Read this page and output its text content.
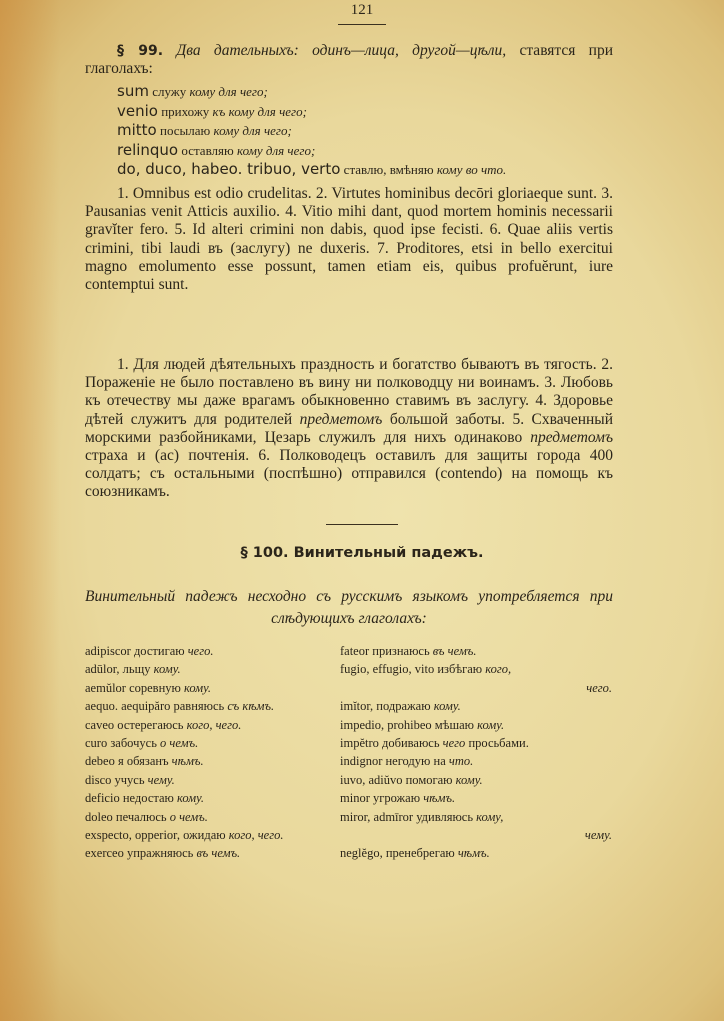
121
§ 99. Два дательныхъ: одинъ—лица, другой—цѣли, ставятся при глаголахъ:
sum служу кому для чего;
venio прихожу къ кому для чего;
mitto посылаю кому для чего;
relinquo оставляю кому для чего;
do, duco, habeo. tribuo, verto ставлю, вмѣняю кому во что.
1. Omnibus est odio crudelitas. 2. Virtutes hominibus decōri gloriaeque sunt. 3. Pausanias venit Atticis auxilio. 4. Vitio mihi dant, quod mortem hominis necessarii gravĭter fero. 5. Id alteri crimini non dabis, quod ipse fecisti. 6. Quae aliis vertis crimini, tibi laudi въ (заслугу) ne duxeris. 7. Proditores, etsi in bello exercitui magno emolumento esse possunt, tamen etiam eis, quibus profuĕrunt, iure contemptui sunt.
1. Для людей дѣятельныхъ праздность и богатство бываютъ въ тягость. 2. Пораженіе не было поставлено въ вину ни полководцу ни воинамъ. 3. Любовь къ отечеству мы даже врагамъ обыкновенно ставимъ въ заслугу. 4. Здоровье дѣтей служитъ для родителей предметомъ большой заботы. 5. Схваченный морскими разбойниками, Цезарь служилъ для нихъ одинаково предметомъ страха и (ac) почтенія. 6. Полководецъ оставилъ для защиты города 400 солдатъ; съ остальными (поспѣшно) отправился (contendo) на помощь къ союзникамъ.
§ 100. Винительный падежъ.
Винительный падежъ несходно съ русскимъ языкомъ употребляется при слѣдующихъ глаголахъ:
adipiscor достигаю чего.
adūlor, льщу кому.
aemŭlor соревную кому.
aequo. aequipăro равняюсь съ кѣмъ.
caveo остерегаюсь кого, чего.
curo забочусь о чемъ.
debeo я обязанъ чѣмъ.
disco учусь чему.
deficio недостаю кому.
doleo печалюсь о чемъ.
exspecto, opperior, ожидаю кого, чего.
exerceo упражняюсь въ чемъ.
fateor признаюсь въ чемъ.
fugio, effugio, vito избѣгаю кого,
чего.
imĭtor, подражаю кому.
impedio, prohibeo мѣшаю кому.
impĕtro добиваюсь чего просьбами.
indignor негодую на что.
iuvo, adiŭvo помогаю кому.
minor угрожаю чѣмъ.
miror, admīror удивляюсь кому,
чему.
neglĕgo, пренебрегаю чѣмъ.
